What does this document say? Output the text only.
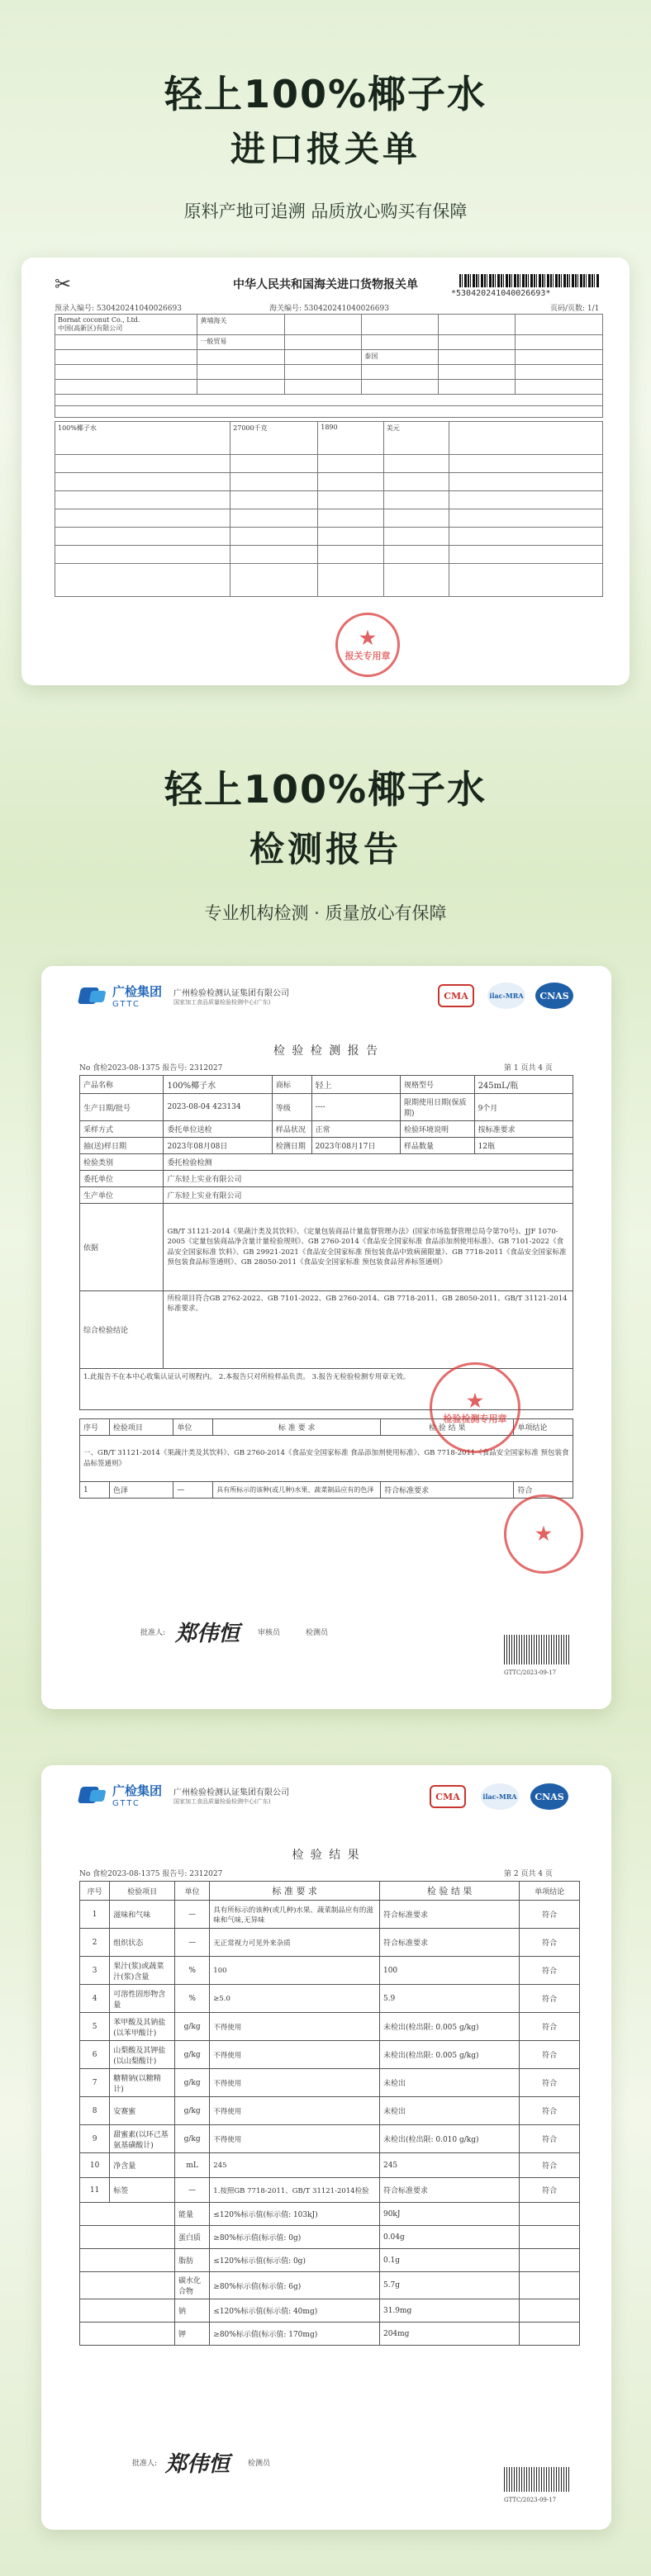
轻上100%椰子水
进口报关单
原料产地可追溯 品质放心购买有保障
✂	中华人民共和国海关进口货物报关单
*530420241040026693*
预录入编号: 530420241040026693	海关编号: 530420241040026693	页码/页数: 1/1
Bornat coconut Co., Ltd.
中国(高新区)有限公司	黄埔海关				
	一般贸易				
			泰国		

100%椰子水	27000千克	1890	美元	

★
报关专用章
轻上100%椰子水
检测报告
专业机构检测 · 质量放心有保障
广检集团
GTTC
广州检验检测认证集团有限公司
国家加工食品质量检验检测中心(广东)
CMA	ilac-MRA	CNAS
检 验 检 测 报 告
No 食检2023-08-1375 报告号: 2312027	第 1 页共 4 页
产品名称	100%椰子水	商标	轻上	规格型号	245mL/瓶
生产日期/批号	2023-08-04 423134	等级	----	限期使用日期(保质期)	9个月
采样方式	委托单位送检	样品状况	正常	检验环境说明	按标准要求
抽(送)样日期	2023年08月08日	检测日期	2023年08月17日	样品数量	12瓶
检验类别	委托检验检测				
委托单位	广东轻上实业有限公司				
生产单位	广东轻上实业有限公司				
依据	GB/T 31121-2014《果蔬汁类及其饮料》、《定量包装商品计量监督管理办法》(国家市场监督管理总局令第70号)、JJF 1070-2005《定量包装商品净含量计量检验规则》、GB 2760-2014《食品安全国家标准 食品添加剂使用标准》、GB 7101-2022《食品安全国家标准 饮料》、GB 29921-2021《食品安全国家标准 预包装食品中致病菌限量》、GB 7718-2011《食品安全国家标准 预包装食品标签通则》、GB 28050-2011《食品安全国家标准 预包装食品营养标签通则》				
综合检验结论	所检项目符合GB 2762-2022、GB 7101-2022、GB 2760-2014、GB 7718-2011、GB 28050-2011、GB/T 31121-2014标准要求。				
1.此报告不在本中心收集认证认可规程内。 2.本报告只对所检样品负责。 3.报告无检验检测专用章无效。					
序号	检验项目	单位	标 准 要 求	检 验 结 果	单项结论
一、GB/T 31121-2014《果蔬汁类及其饮料》、GB 2760-2014《食品安全国家标准 食品添加剂使用标准》、GB 7718-2011《食品安全国家标准 预包装食品标签通则》					
1	色泽	—	具有所标示的该种(或几种)水果、蔬菜制品应有的色泽	符合标准要求	符合
批准人: 郑伟恒 审核员	检测员
GTTC/2023-09-17
★
检验检测专用章
★
广检集团
GTTC
广州检验检测认证集团有限公司
国家加工食品质量检验检测中心(广东)	CMA	ilac-MRA	CNAS
检 验 结 果
No 食检2023-08-1375 报告号: 2312027	第 2 页共 4 页
序号	检验项目	单位	标 准 要 求	检 验 结 果	单项结论
1	滋味和气味	—	具有所标示的该种(或几种)水果、蔬菜制品应有的滋味和气味,无异味	符合标准要求	符合
2	组织状态	—	无正常视力可见外来杂质	符合标准要求	符合
3	果汁(浆)或蔬菜汁(浆)含量	%	100	100	符合
4	可溶性固形物含量	%	≥5.0	5.9	符合
5	苯甲酸及其钠盐(以苯甲酸计)	g/kg	不得使用	未检出(检出限: 0.005 g/kg)	符合
6	山梨酸及其钾盐(以山梨酸计)	g/kg	不得使用	未检出(检出限: 0.005 g/kg)	符合
7	糖精钠(以糖精计)	g/kg	不得使用	未检出	符合
8	安赛蜜	g/kg	不得使用	未检出	符合
9	甜蜜素(以环己基氨基磺酸计)	g/kg	不得使用	未检出(检出限: 0.010 g/kg)	符合
10	净含量	mL	245	245	符合
11	标签	—	1.按照GB 7718-2011、GB/T 31121-2014检验	符合标准要求	符合
		能量	≤120%标示值(标示值: 103kJ)	90kJ	
		蛋白质	≥80%标示值(标示值: 0g)	0.04g	
		脂肪	≤120%标示值(标示值: 0g)	0.1g	
		碳水化合物	≥80%标示值(标示值: 6g)	5.7g	
		钠	≤120%标示值(标示值: 40mg)	31.9mg	
		钾	≥80%标示值(标示值: 170mg)	204mg	
批准人: 郑伟恒 检测员
GTTC/2023-09-17
